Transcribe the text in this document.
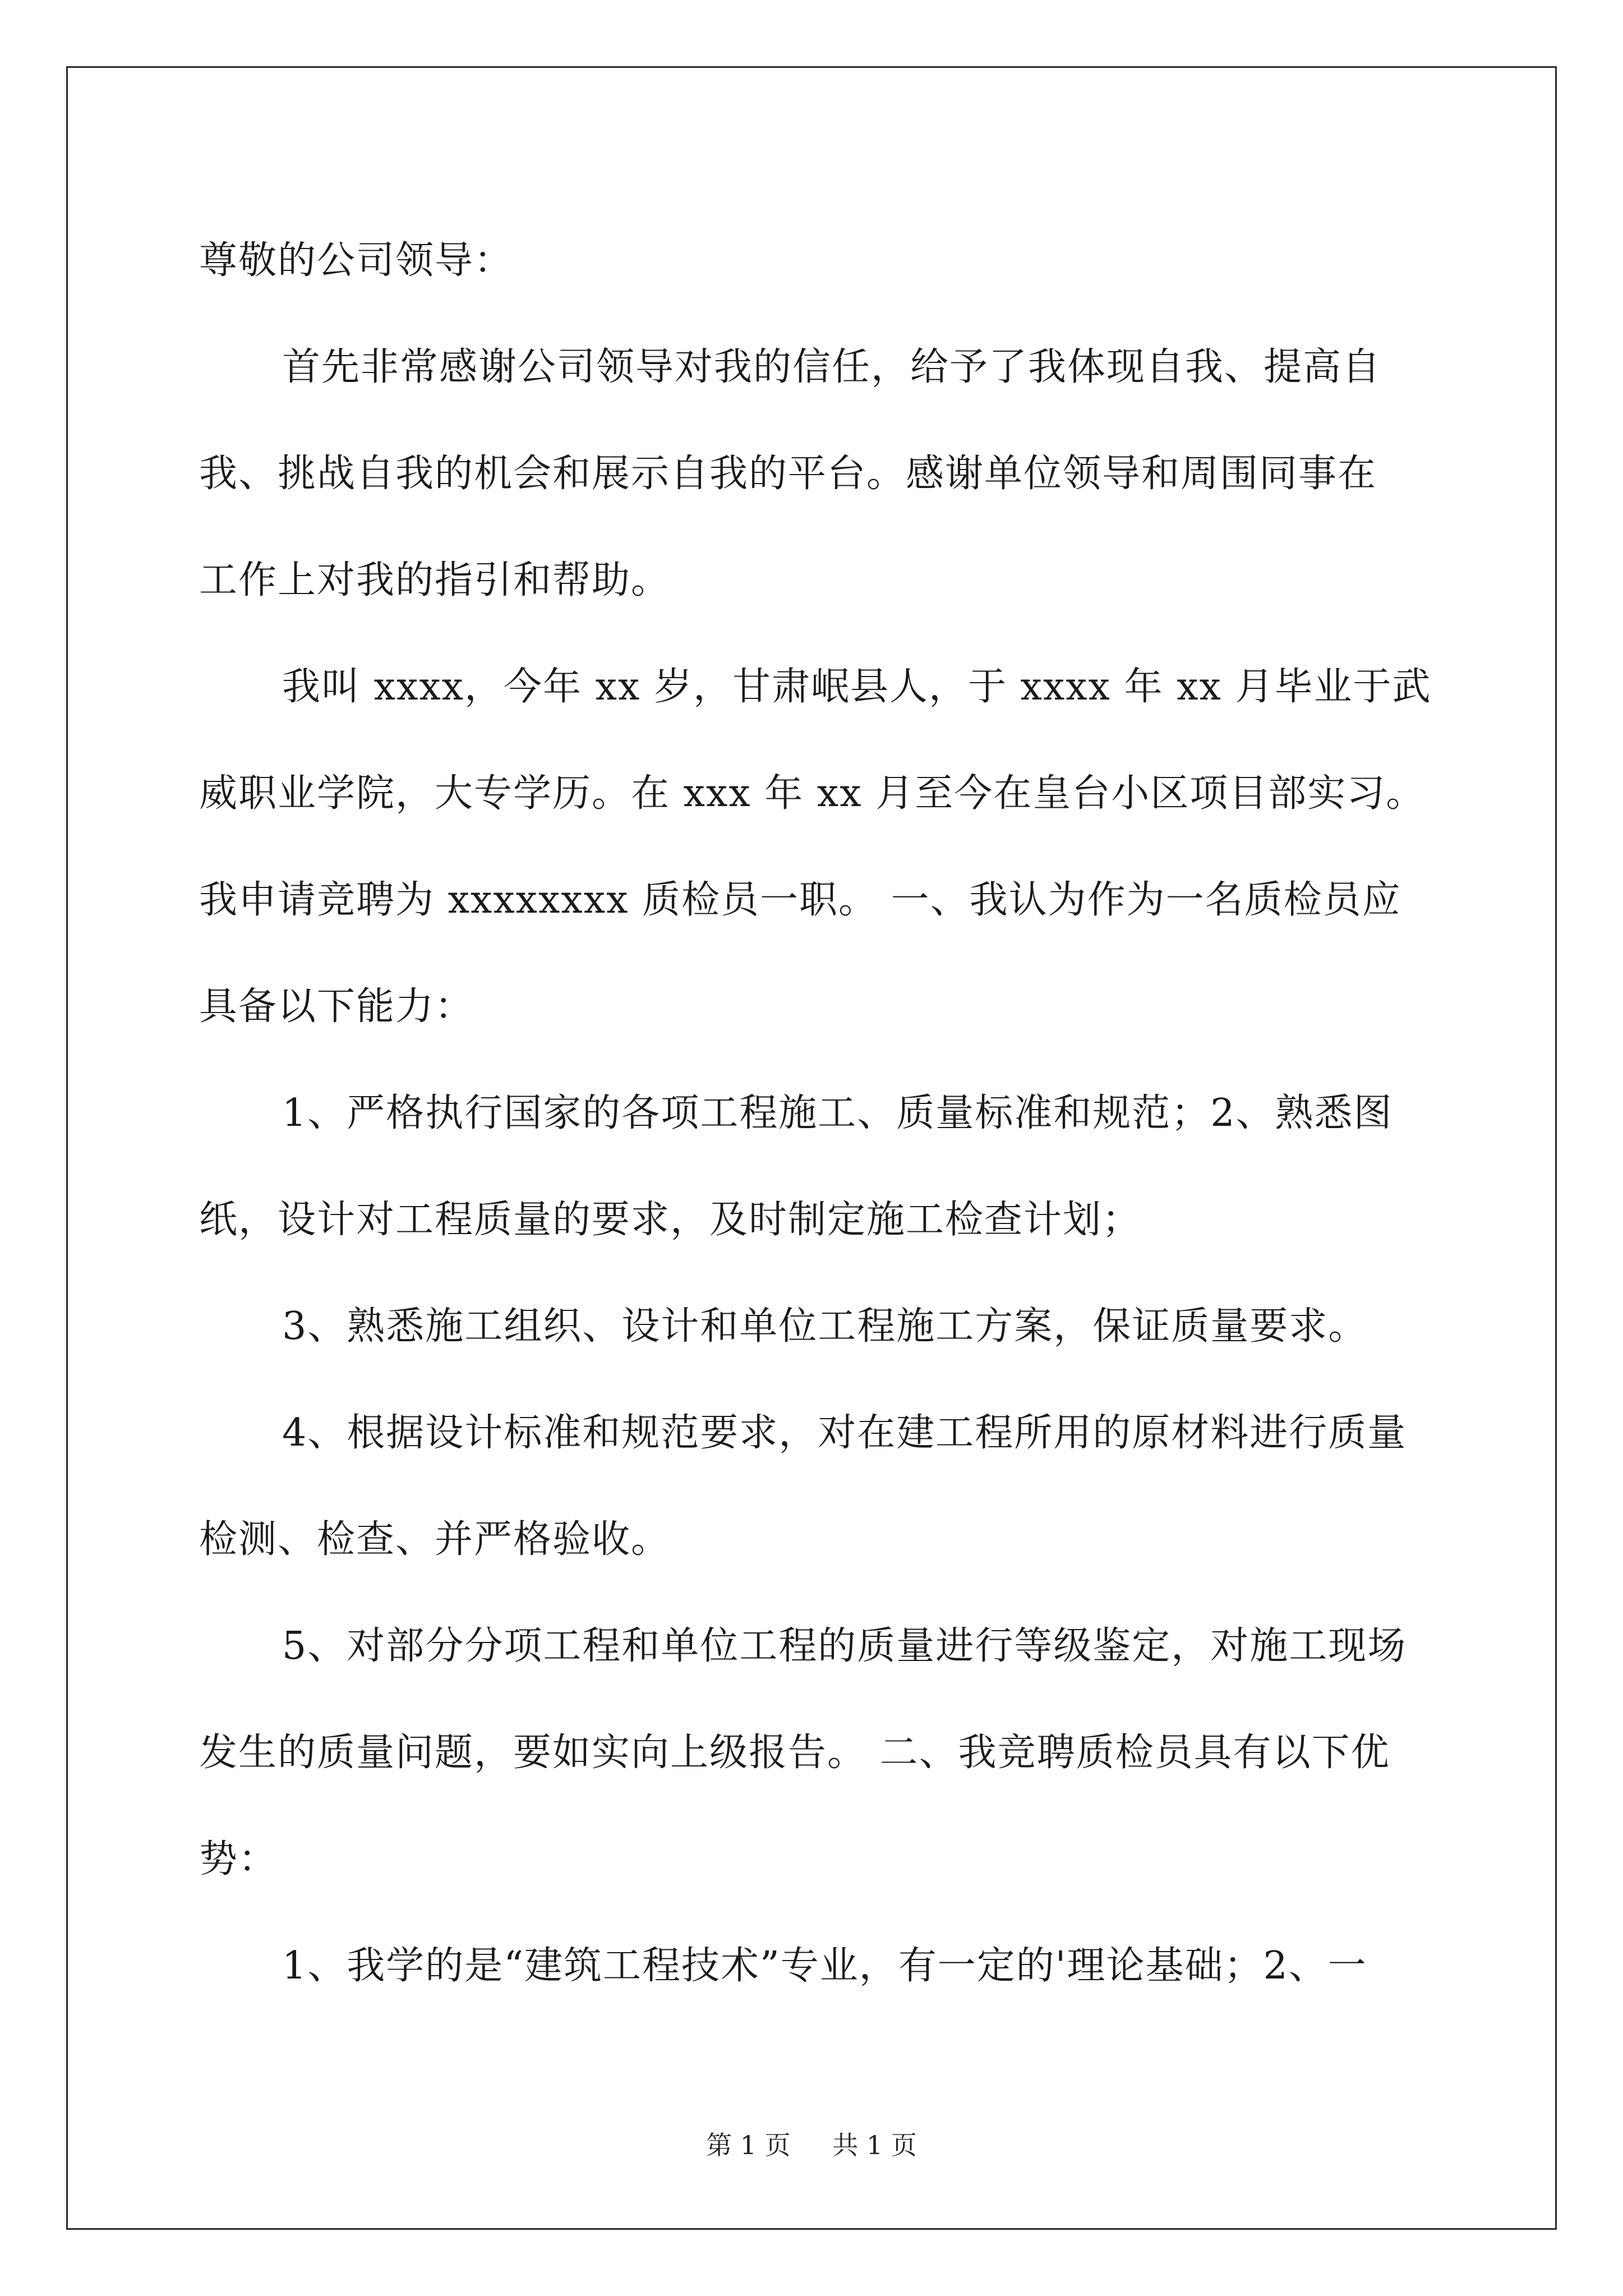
尊敬的公司领导：
首先非常感谢公司领导对我的信任，给予了我体现自我、提高自
我、挑战自我的机会和展示自我的平台。感谢单位领导和周围同事在
工作上对我的指引和帮助。
我叫 xxxx，今年 xx 岁，甘肃岷县人，于 xxxx 年 xx 月毕业于武
威职业学院，大专学历。在 xxx 年 xx 月至今在皇台小区项目部实习。
我申请竞聘为 xxxxxxxx 质检员一职。 一、我认为作为一名质检员应
具备以下能力：
1、严格执行国家的各项工程施工、质量标准和规范；2、熟悉图
纸，设计对工程质量的要求，及时制定施工检查计划；
3、熟悉施工组织、设计和单位工程施工方案，保证质量要求。
4、根据设计标准和规范要求，对在建工程所用的原材料进行质量
检测、检查、并严格验收。
5、对部分分项工程和单位工程的质量进行等级鉴定，对施工现场
发生的质量问题，要如实向上级报告。 二、我竞聘质检员具有以下优
势：
1、我学的是“建筑工程技术”专业，有一定的'理论基础；2、一
第 1 页 共 1 页
